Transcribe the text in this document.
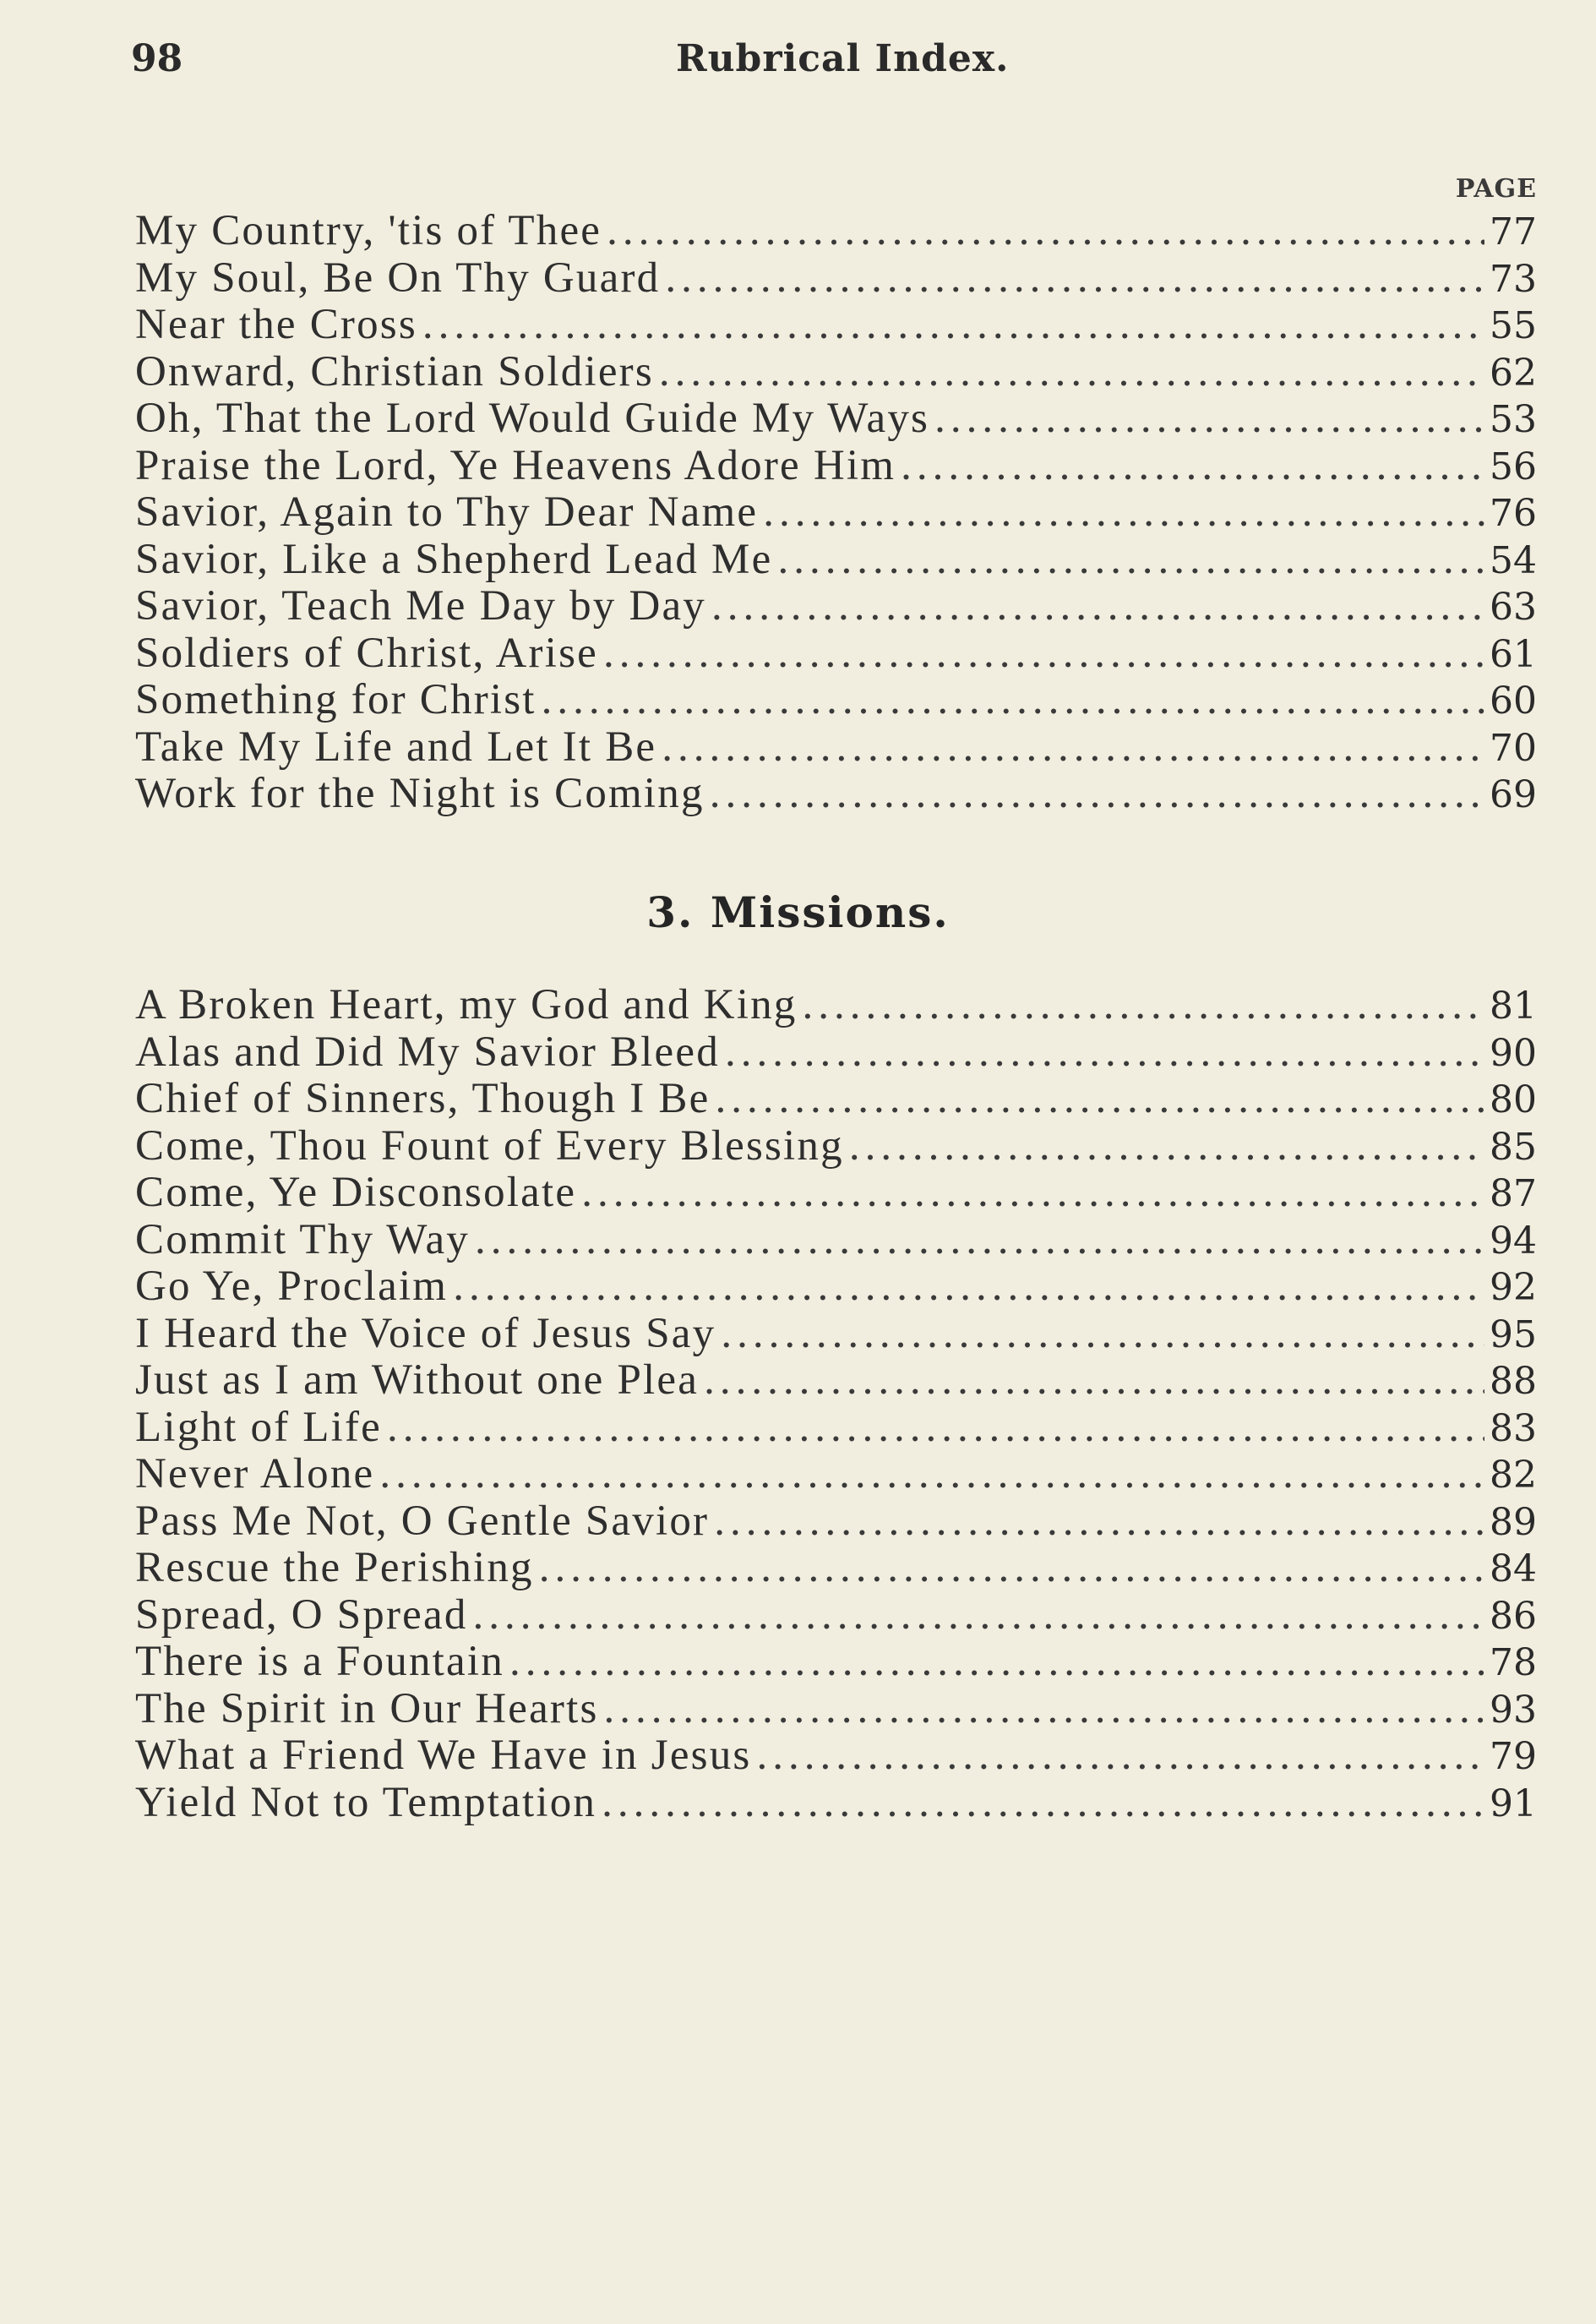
98	Rubrical Index.
PAGE
My Country, 'tis of Thee .....	77
My Soul, Be On Thy Guard .....	73
Near the Cross .....	55
Onward, Christian Soldiers .....	62
Oh, That the Lord Would Guide My Ways .....	53
Praise the Lord, Ye Heavens Adore Him .....	56
Savior, Again to Thy Dear Name .....	76
Savior, Like a Shepherd Lead Me .....	54
Savior, Teach Me Day by Day .....	63
Soldiers of Christ, Arise .....	61
Something for Christ .....	60
Take My Life and Let It Be .....	70
Work for the Night is Coming .....	69
3. Missions.
A Broken Heart, my God and King .....	81
Alas and Did My Savior Bleed .....	90
Chief of Sinners, Though I Be .....	80
Come, Thou Fount of Every Blessing .....	85
Come, Ye Disconsolate .....	87
Commit Thy Way .....	94
Go Ye, Proclaim .....	92
I Heard the Voice of Jesus Say .....	95
Just as I am Without one Plea .....	88
Light of Life .....	83
Never Alone .....	82
Pass Me Not, O Gentle Savior .....	89
Rescue the Perishing .....	84
Spread, O Spread .....	86
There is a Fountain .....	78
The Spirit in Our Hearts .....	93
What a Friend We Have in Jesus .....	79
Yield Not to Temptation .....	91
